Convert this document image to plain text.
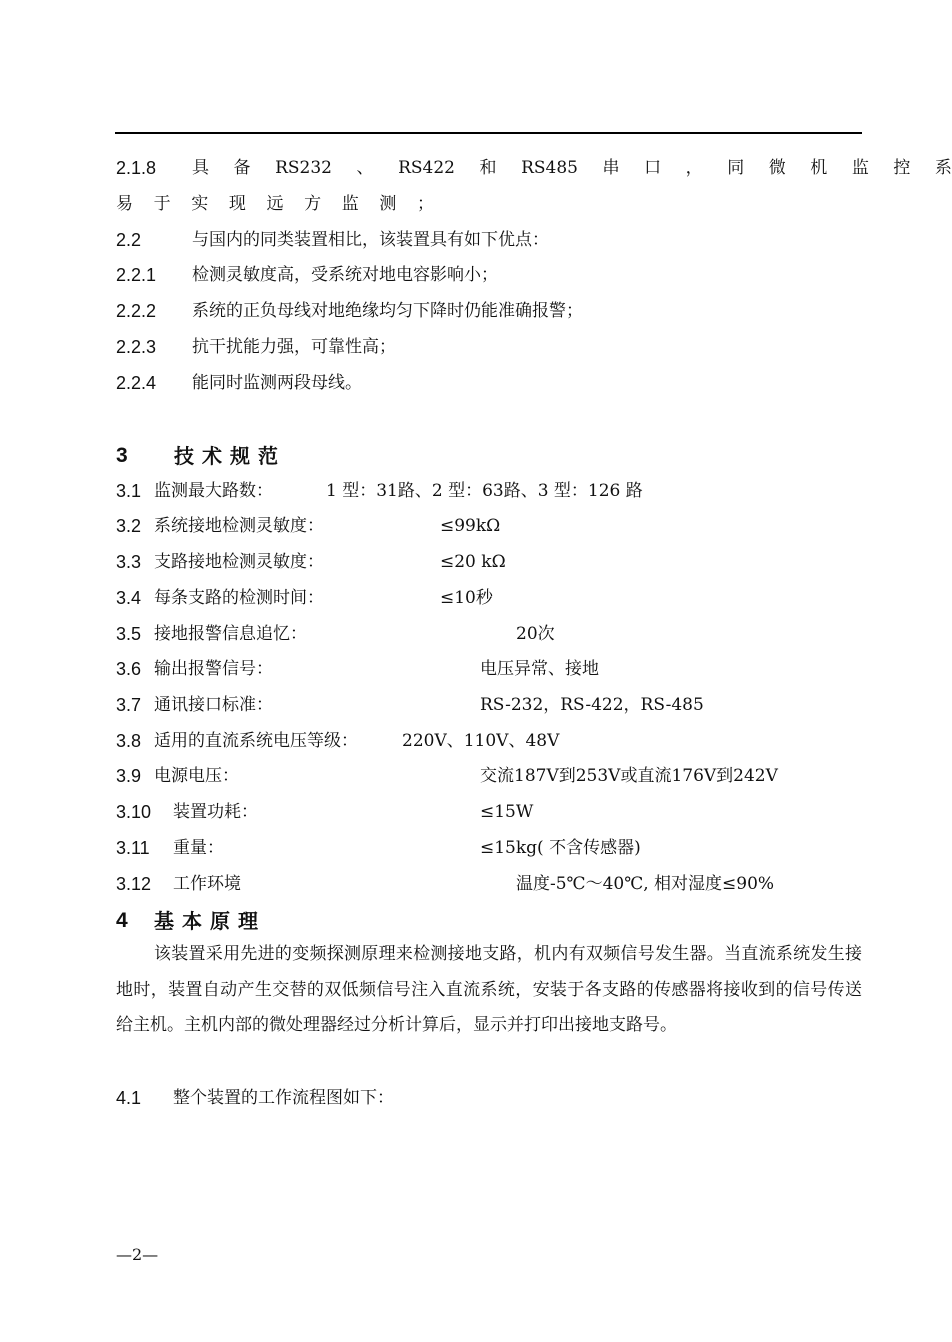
2.1.8 具 备 RS232 、 RS422 和 RS485 串 口 ， 同 微 机 监 控 系
易 于 实 现 远 方 监 测 ；
2.2	与国内的同类装置相比，该装置具有如下优点：
2.2.1 检测灵敏度高，受系统对地电容影响小；
2.2.2 系统的正负母线对地绝缘均匀下降时仍能准确报警；
2.2.3 抗干扰能力强，可靠性高；
2.2.4 能同时监测两段母线。
3 技术规范
3.1 监测最大路数：	1 型：31路、2 型：63路、3 型：126 路
3.2 系统接地检测灵敏度：	≤99kΩ
3.3 支路接地检测灵敏度：	≤20 kΩ
3.4 每条支路的检测时间：	≤10秒
3.5 接地报警信息追忆：	20次
3.6 输出报警信号：	电压异常、接地
3.7 通讯接口标准：	RS-232，RS-422，RS-485
3.8 适用的直流系统电压等级：	220V、110V、48V
3.9 电源电压：	交流187V到253V或直流176V到242V
3.10 装置功耗：	≤15W
3.11 重量：	≤15kg( 不含传感器)
3.12 工作环境	温度-5℃～40℃, 相对湿度≤90%
4 基本原理
该装置采用先进的变频探测原理来检测接地支路，机内有双频信号发生器。当直流系统发生接地时，装置自动产生交替的双低频信号注入直流系统，安装于各支路的传感器将接收到的信号传送给主机。主机内部的微处理器经过分析计算后，显示并打印出接地支路号。
4.1 整个装置的工作流程图如下：
—2—
